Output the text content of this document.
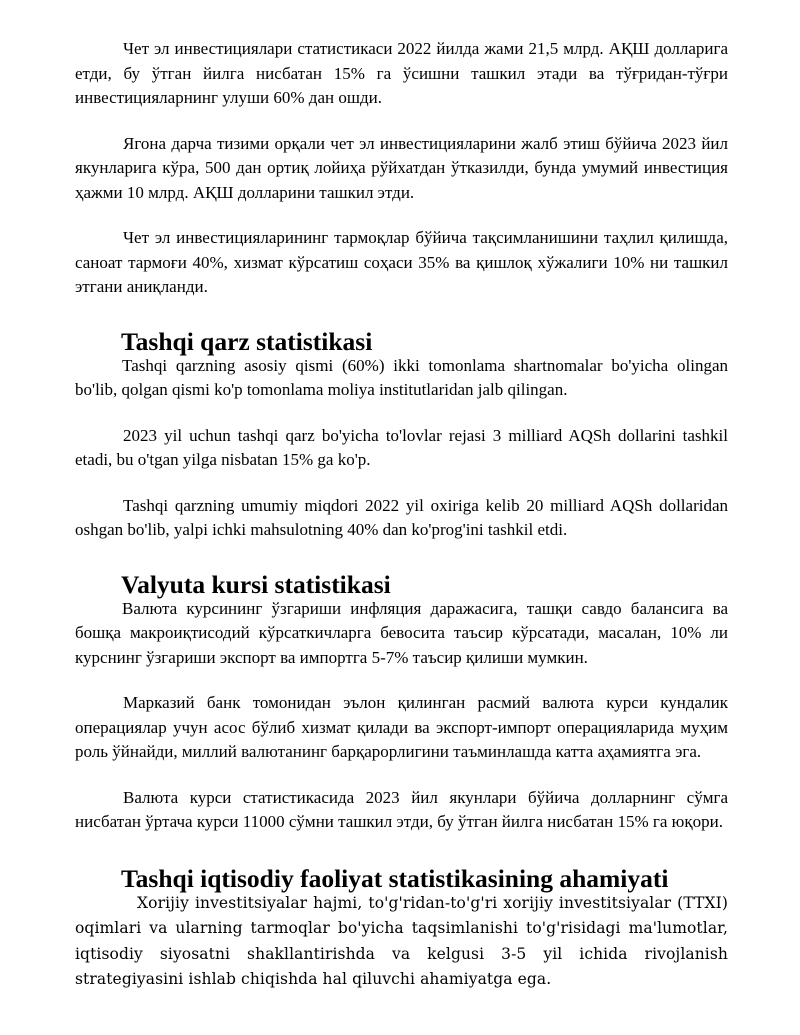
Чет эл инвестициялари статистикаси 2022 йилда жами 21,5 млрд. АҚШ долларига етди, бу ўтган йилга нисбатан 15% га ўсишни ташкил этади ва тўғридан-тўғри инвестицияларнинг улуши 60% дан ошди.

Ягона дарча тизими орқали чет эл инвестицияларини жалб этиш бўйича 2023 йил якунларига кўра, 500 дан ортиқ лойиҳа рўйхатдан ўтказилди, бунда умумий инвестиция ҳажми 10 млрд. АҚШ долларини ташкил этди.

Чет эл инвестицияларининг тармоқлар бўйича тақсимланишини таҳлил қилишда, саноат тармоғи 40%, хизмат кўрсатиш соҳаси 35% ва қишлоқ хўжалиги 10% ни ташкил этгани аниқланди.

Tashqi qarz statistikasi

Tashqi qarzning asosiy qismi (60%) ikki tomonlama shartnomalar bo'yicha olingan bo'lib, qolgan qismi ko'p tomonlama moliya institutlaridan jalb qilingan.

2023 yil uchun tashqi qarz bo'yicha to'lovlar rejasi 3 milliard AQSh dollarini tashkil etadi, bu o'tgan yilga nisbatan 15% ga ko'p.

Tashqi qarzning umumiy miqdori 2022 yil oxiriga kelib 20 milliard AQSh dollaridan oshgan bo'lib, yalpi ichki mahsulotning 40% dan ko'prog'ini tashkil etdi.

Valyuta kursi statistikasi

Валюта курсининг ўзгариши инфляция даражасига, ташқи савдо балансига ва бошқа макроиқтисодий кўрсаткичларга бевосита таъсир кўрсатади, масалан, 10% ли курснинг ўзгариши экспорт ва импортга 5-7% таъсир қилиши мумкин.

Марказий банк томонидан эълон қилинган расмий валюта курси кундалик операциялар учун асос бўлиб хизмат қилади ва экспорт-импорт операцияларида муҳим роль ўйнайди, миллий валютанинг барқарорлигини таъминлашда катта аҳамиятга эга.

Валюта курси статистикасида 2023 йил якунлари бўйича долларнинг сўмга нисбатан ўртача курси 11000 сўмни ташкил этди, бу ўтган йилга нисбатан 15% га юқори.

Tashqi iqtisodiy faoliyat statistikasining ahamiyati

Xorijiy investitsiyalar hajmi, to'g'ridan-to'g'ri xorijiy investitsiyalar (TTXI) oqimlari va ularning tarmoqlar bo'yicha taqsimlanishi to'g'risidagi ma'lumotlar, iqtisodiy siyosatni shakllantirishda va kelgusi 3-5 yil ichida rivojlanish strategiyasini ishlab chiqishda hal qiluvchi ahamiyatga ega.
